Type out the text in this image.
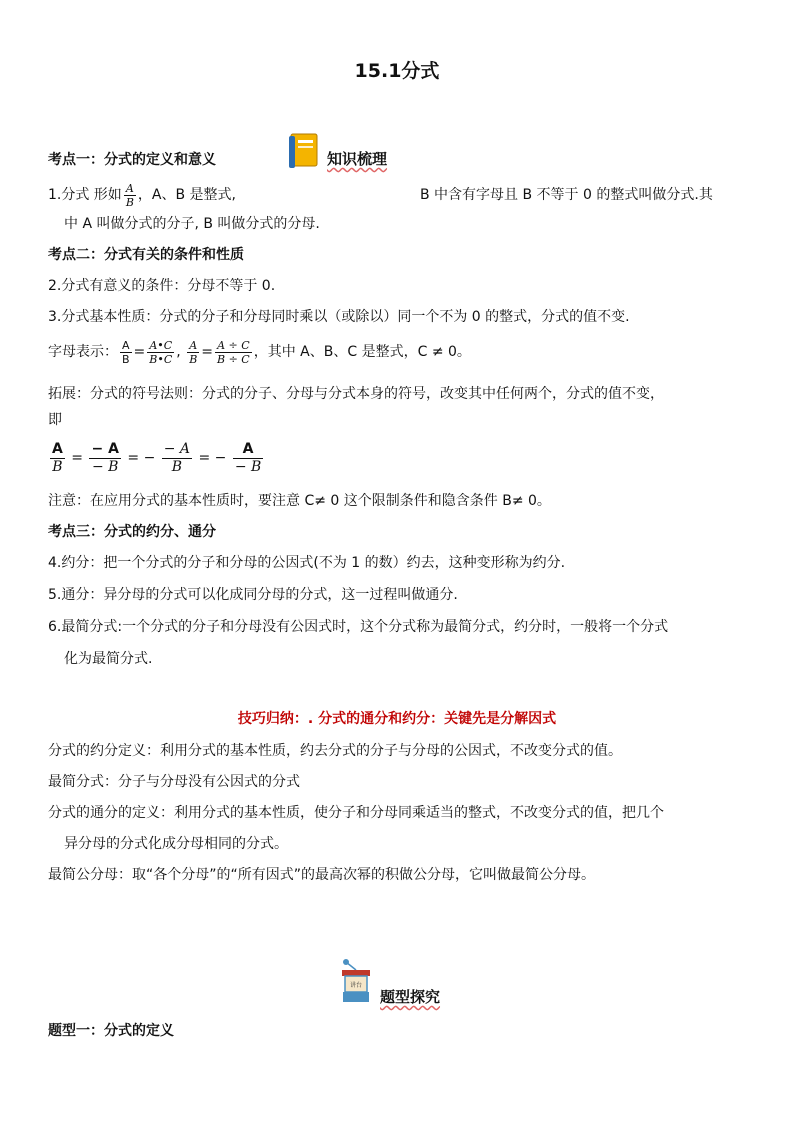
15.1分式
考点一：分式的定义和意义	知识梳理
1.分式 形如 $\frac{A}{B}$ ，A、B 是整式,	B 中含有字母且 B 不等于 0 的整式叫做分式.其
中 A 叫做分式的分子, B 叫做分式的分母.
考点二：分式有关的条件和性质
2.分式有意义的条件：分母不等于 0.
3.分式基本性质：分式的分子和分母同时乘以（或除以）同一个不为 0 的整式，分式的值不变.
字母表示： $\frac{A}{B} = \frac{A•C}{B•C}$ , $\frac{A}{B} = \frac{A \div C}{B \div C}$ ，其中 A、B、C 是整式，C ≠ 0。
拓展：分式的符号法则：分式的分子、分母与分式本身的符号，改变其中任何两个，分式的值不变，
即
$\frac{A}{B} = \frac{- A}{- B}$ = − $\frac{- A}{B}$ = − $\frac{A}{- B}$
注意：在应用分式的基本性质时，要注意 C≠ 0 这个限制条件和隐含条件 B≠ 0。
考点三：分式的约分、通分
4.约分：把一个分式的分子和分母的公因式(不为 1 的数）约去，这种变形称为约分.
5.通分：异分母的分式可以化成同分母的分式，这一过程叫做通分.
6.最简分式:一个分式的分子和分母没有公因式时，这个分式称为最简分式，约分时，一般将一个分式
化为最简分式.
技巧归纳：. 分式的通分和约分：关键先是分解因式
分式的约分定义：利用分式的基本性质，约去分式的分子与分母的公因式，不改变分式的值。
最简分式：分子与分母没有公因式的分式
分式的通分的定义：利用分式的基本性质，使分子和分母同乘适当的整式，不改变分式的值，把几个
异分母的分式化成分母相同的分式。
最简公分母：取“各个分母”的“所有因式”的最高次幂的积做公分母，它叫做最简公分母。
讲台
题型探究
题型一：分式的定义
